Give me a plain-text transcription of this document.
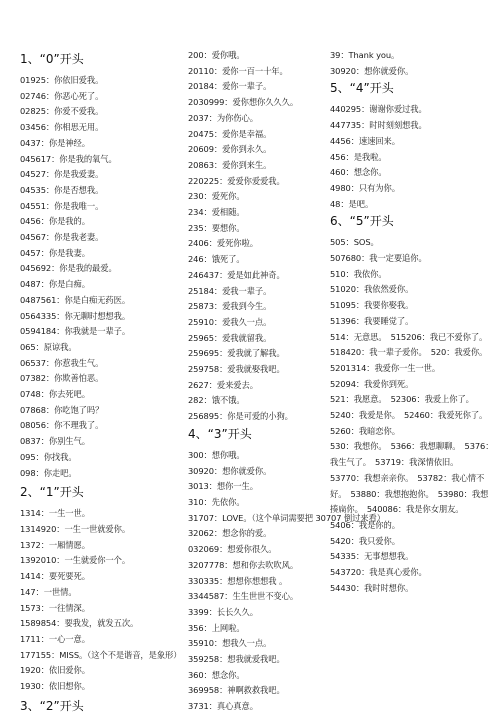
1、“0”开头
01925：你依旧爱我。
02746：你恶心死了。
02825：你爱不爱我。
03456：你相思无用。
0437：你是神经。
045617：你是我的氧气。
04527：你是我爱妻。
04535：你是否想我。
04551：你是我唯一。
0456：你是我的。
04567：你是我老妻。
0457：你是我妻。
045692：你是我的最爱。
0487：你是白痴。
0487561：你是白痴无药医。
0564335：你无聊时想想我。
0594184：你我就是一辈子。
065：原谅我。
06537：你惹我生气。
07382：你欺善怕恶。
0748：你去死吧。
07868：你吃饱了吗？
08056：你不理我了。
0837：你别生气。
095：你找我。
098：你走吧。
2、“1”开头
1314：一生一世。
1314920：一生一世就爱你。
1372：一厢情愿。
1392010：一生就爱你一个。
1414：要死要死。
147：一世情。
1573：一往情深。
1589854：要我发，就发五次。
1711：一心一意。
177155：MISS。（这个不是谐音，是象形）
1920：依旧爱你。
1930：依旧想你。
3、“2”开头
200：爱你哦。
20110：爱你一百一十年。
20184：爱你一辈子。
2030999：爱你想你久久久。
2037：为你伤心。
20475：爱你是幸福。
20609：爱你到永久。
20863：爱你到来生。
220225：爱爱你爱爱我。
230：爱死你。
234：爱相随。
235：要想你。
2406：爱死你啦。
246：饿死了。
246437：爱是如此神奇。
25184：爱我一辈子。
25873：爱我到今生。
25910：爱我久一点。
25965：爱我就留我。
259695：爱我就了解我。
259758：爱我就娶我吧。
2627：爱来爱去。
282：饿不饿。
256895：你是可爱的小狗。
4、“3”开头
300：想你哦。
30920：想你就爱你。
3013：想你一生。
310：先依你。
31707：LOVE。（这个单词需要把 30707 倒过来看）
32062：想念你的爱。
032069：想爱你很久。
3207778：想和你去吹吹风。
330335：想想你想想我 。
3344587：生生世世不变心。
3399：长长久久。
356：上网啦。
35910：想我久一点。
359258：想我就爱我吧。
360：想念你。
369958：神啊救救我吧。
3731：真心真意。
39：Thank you。
30920：想你就爱你。
5、“4”开头
440295：谢谢你爱过我。
447735：时时刻刻想我。
4456：速速回来。
456：是我啦。
460：想念你。
4980：只有为你。
48：是吧。
6、“5”开头
505：SOS。
507680：我一定要追你。
510：我依你。
51020：我依然爱你。
51095：我要你娶我。
51396：我要睡觉了。
514：无意思。　515206：我已不爱你了。　518420：我一辈子爱你。　520：我爱你。
5201314：我爱你一生一世。
52094：我爱你到死。
521：我愿意。　52306：我爱上你了。　5240：我爱是你。　52460：我爱死你了。　5260：我暗恋你。
530：我想你。　5366：我想聊聊。　5376：我生气了。　53719：我深情依旧。　53770：我想亲亲你。　53782：我心情不好。　53880：我想抱抱你。　53980：我想揍扁你。　540086：我是你女朋友。　5406：我是你的。
5420：我只爱你。
54335：无事想想我。
543720：我是真心爱你。
54430：我时时想你。
